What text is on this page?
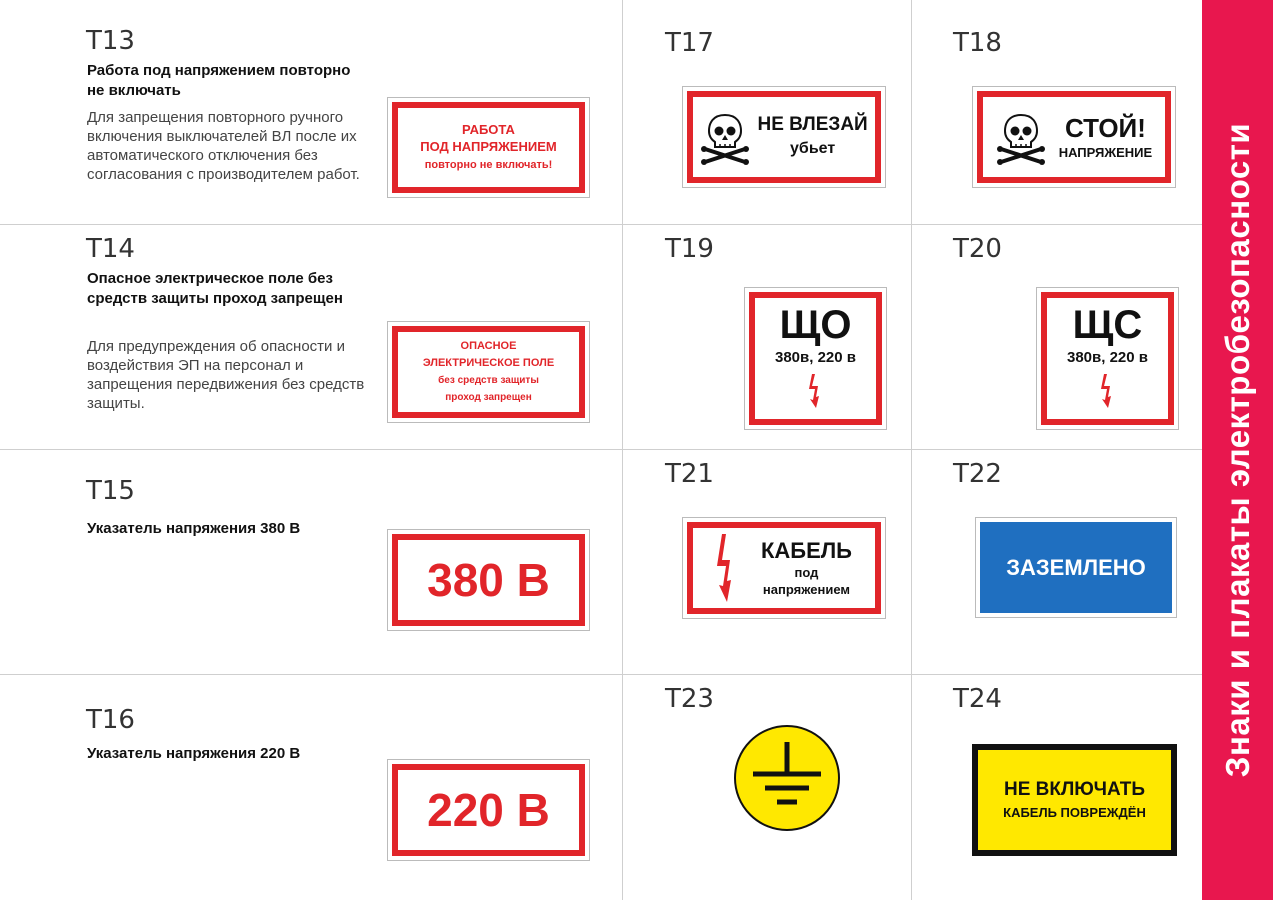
Знаки и плакаты электробезопасности
Т13
Работа под напряжением повторно не включать
Для запрещения повторного ручного включения выключателей ВЛ после их автоматического отключения без согласования с производителем работ.
РАБОТА
ПОД НАПРЯЖЕНИЕМ
повторно не включать!
Т14
Опасное электрическое поле без средств защиты проход запрещен
Для предупреждения об опасности и воздействия ЭП на персонал и запрещения передвижения без средств защиты.
ОПАСНОЕ
ЭЛЕКТРИЧЕСКОЕ ПОЛЕ
без средств защиты
проход запрещен
Т15
Указатель напряжения 380 В
380 В
Т16
Указатель напряжения 220 В
220 В
Т17
НЕ ВЛЕЗАЙ
убьет
Т18
СТОЙ!
НАПРЯЖЕНИЕ
Т19
ЩО
380в, 220 в
Т20
ЩС
380в, 220 в
Т21
КАБЕЛЬ
под
напряжением
Т22
ЗАЗЕМЛЕНО
Т23	Т24
НЕ ВКЛЮЧАТЬ
КАБЕЛЬ ПОВРЕЖДЁН
